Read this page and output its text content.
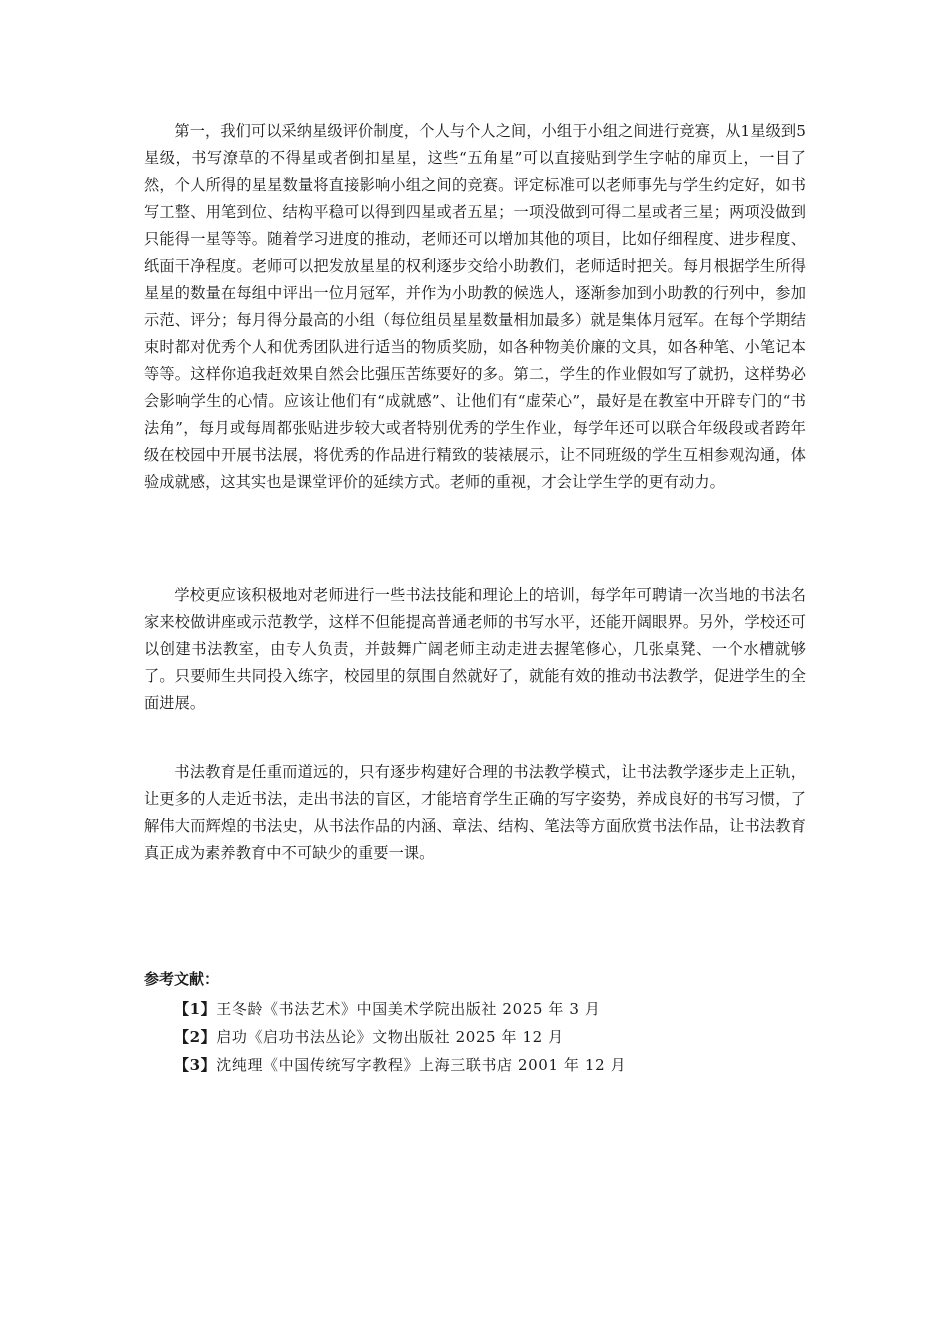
第一，我们可以采纳星级评价制度，个人与个人之间，小组于小组之间进行竞赛，从1星级到5星级，书写潦草的不得星或者倒扣星星，这些“五角星”可以直接贴到学生字帖的扉页上，一目了然，个人所得的星星数量将直接影响小组之间的竞赛。评定标准可以老师事先与学生约定好，如书写工整、用笔到位、结构平稳可以得到四星或者五星；一项没做到可得二星或者三星；两项没做到只能得一星等等。随着学习进度的推动，老师还可以增加其他的项目，比如仔细程度、进步程度、纸面干净程度。老师可以把发放星星的权利逐步交给小助教们，老师适时把关。每月根据学生所得星星的数量在每组中评出一位月冠军，并作为小助教的候选人，逐渐参加到小助教的行列中，参加示范、评分；每月得分最高的小组（每位组员星星数量相加最多）就是集体月冠军。在每个学期结束时都对优秀个人和优秀团队进行适当的物质奖励，如各种物美价廉的文具，如各种笔、小笔记本等等。这样你追我赶效果自然会比强压苦练要好的多。第二，学生的作业假如写了就扔，这样势必会影响学生的心情。应该让他们有“成就感”、让他们有“虚荣心”，最好是在教室中开辟专门的“书法角”，每月或每周都张贴进步较大或者特别优秀的学生作业，每学年还可以联合年级段或者跨年级在校园中开展书法展，将优秀的作品进行精致的装裱展示，让不同班级的学生互相参观沟通，体验成就感，这其实也是课堂评价的延续方式。老师的重视，才会让学生学的更有动力。

学校更应该积极地对老师进行一些书法技能和理论上的培训，每学年可聘请一次当地的书法名家来校做讲座或示范教学，这样不但能提高普通老师的书写水平，还能开阔眼界。另外，学校还可以创建书法教室，由专人负责，并鼓舞广阔老师主动走进去握笔修心，几张桌凳、一个水槽就够了。只要师生共同投入练字，校园里的氛围自然就好了，就能有效的推动书法教学，促进学生的全面进展。

书法教育是任重而道远的，只有逐步构建好合理的书法教学模式，让书法教学逐步走上正轨，让更多的人走近书法，走出书法的盲区，才能培育学生正确的写字姿势，养成良好的书写习惯，了解伟大而辉煌的书法史，从书法作品的内涵、章法、结构、笔法等方面欣赏书法作品，让书法教育真正成为素养教育中不可缺少的重要一课。

参考文献：
【1】王冬龄《书法艺术》中国美术学院出版社 2025 年 3 月
【2】启功《启功书法丛论》文物出版社 2025 年 12 月
【3】沈纯理《中国传统写字教程》上海三联书店 2001 年 12 月
